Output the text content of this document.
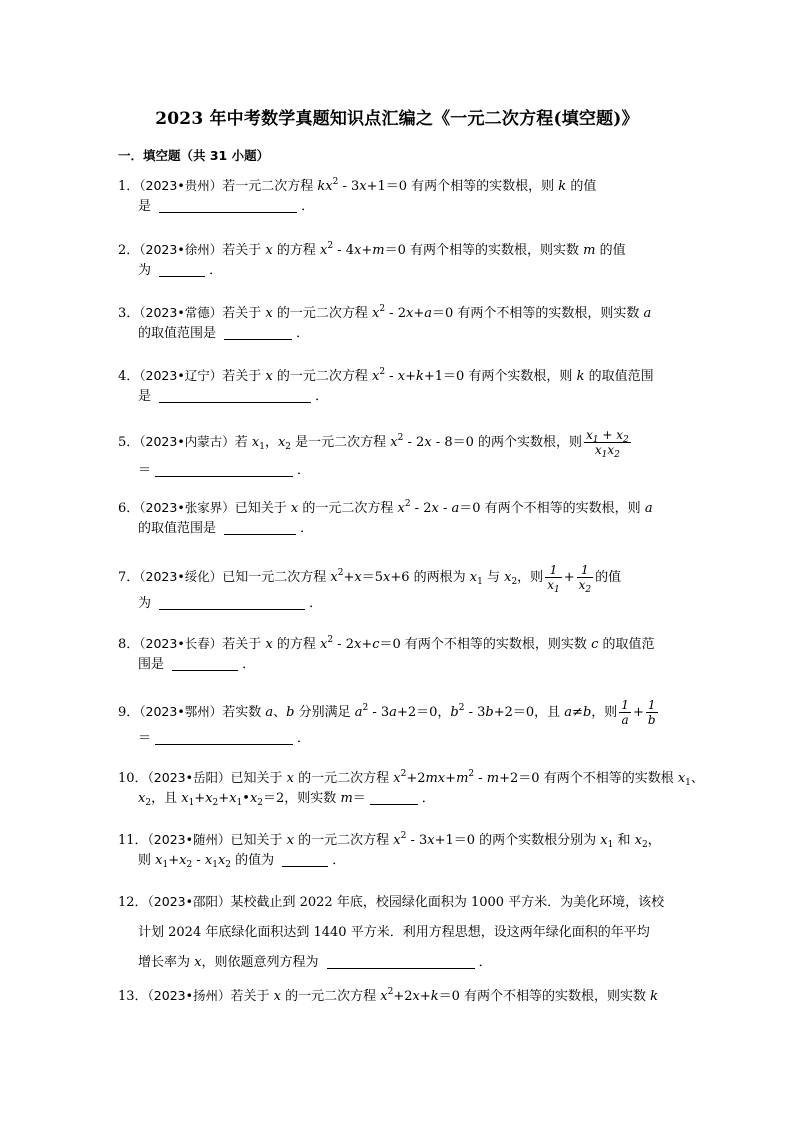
2023 年中考数学真题知识点汇编之《一元二次方程(填空题)》
一．填空题（共 31 小题）
1．（2023•贵州）若一元二次方程 $kx^2 - 3x+1=0$ 有两个相等的实数根，则 k 的值
是	．
2．（2023•徐州）若关于 x 的方程 $x^2 - 4x+m=0$ 有两个相等的实数根，则实数 m 的值
为	．
3．（2023•常德）若关于 x 的一元二次方程 $x^2 - 2x+a=0$ 有两个不相等的实数根，则实数 a
的取值范围是	．
4．（2023•辽宁）若关于 x 的一元二次方程 $x^2 - x+k+1=0$ 有两个实数根，则 k 的取值范围
是	．
5．（2023•内蒙古）若 $x_1$，$x_2$ 是一元二次方程 $x^2 - 2x - 8=0$ 的两个实数根，则 $\frac{x_1 + x_2}{x_1x_2}$
＝	．
6．（2023•张家界）已知关于 x 的一元二次方程 $x^2 - 2x - a=0$ 有两个不相等的实数根，则 a
的取值范围是	．
7．（2023•绥化）已知一元二次方程 $x^2+x=5x+6$ 的两根为 $x_1$ 与 $x_2$，则 $\frac{1}{x_1} + \frac{1}{x_2}$ 的值
为	．
8．（2023•长春）若关于 x 的方程 $x^2 - 2x+c=0$ 有两个不相等的实数根，则实数 c 的取值范
围是	．
9．（2023•鄂州）若实数 a、b 分别满足 $a^2 - 3a+2=0$，$b^2 - 3b+2=0$，且 a≠b，则 $\frac{1}{a} + \frac{1}{b}$
＝	．
10．（2023•岳阳）已知关于 x 的一元二次方程 $x^2+2mx+m^2 - m+2=0$ 有两个不相等的实数根 $x_1$、
$x_2$，且 $x_1+x_2+x_1•x_2=2$，则实数 m＝	．
11．（2023•随州）已知关于 x 的一元二次方程 $x^2 - 3x+1=0$ 的两个实数根分别为 $x_1$ 和 $x_2$，
则 $x_1+x_2 - x_1x_2$ 的值为	．
12．（2023•邵阳）某校截止到 2022 年底，校园绿化面积为 1000 平方米．为美化环境，该校
计划 2024 年底绿化面积达到 1440 平方米．利用方程思想，设这两年绿化面积的年平均
增长率为 x，则依题意列方程为	．
13．（2023•扬州）若关于 x 的一元二次方程 $x^2+2x+k=0$ 有两个不相等的实数根，则实数 k
